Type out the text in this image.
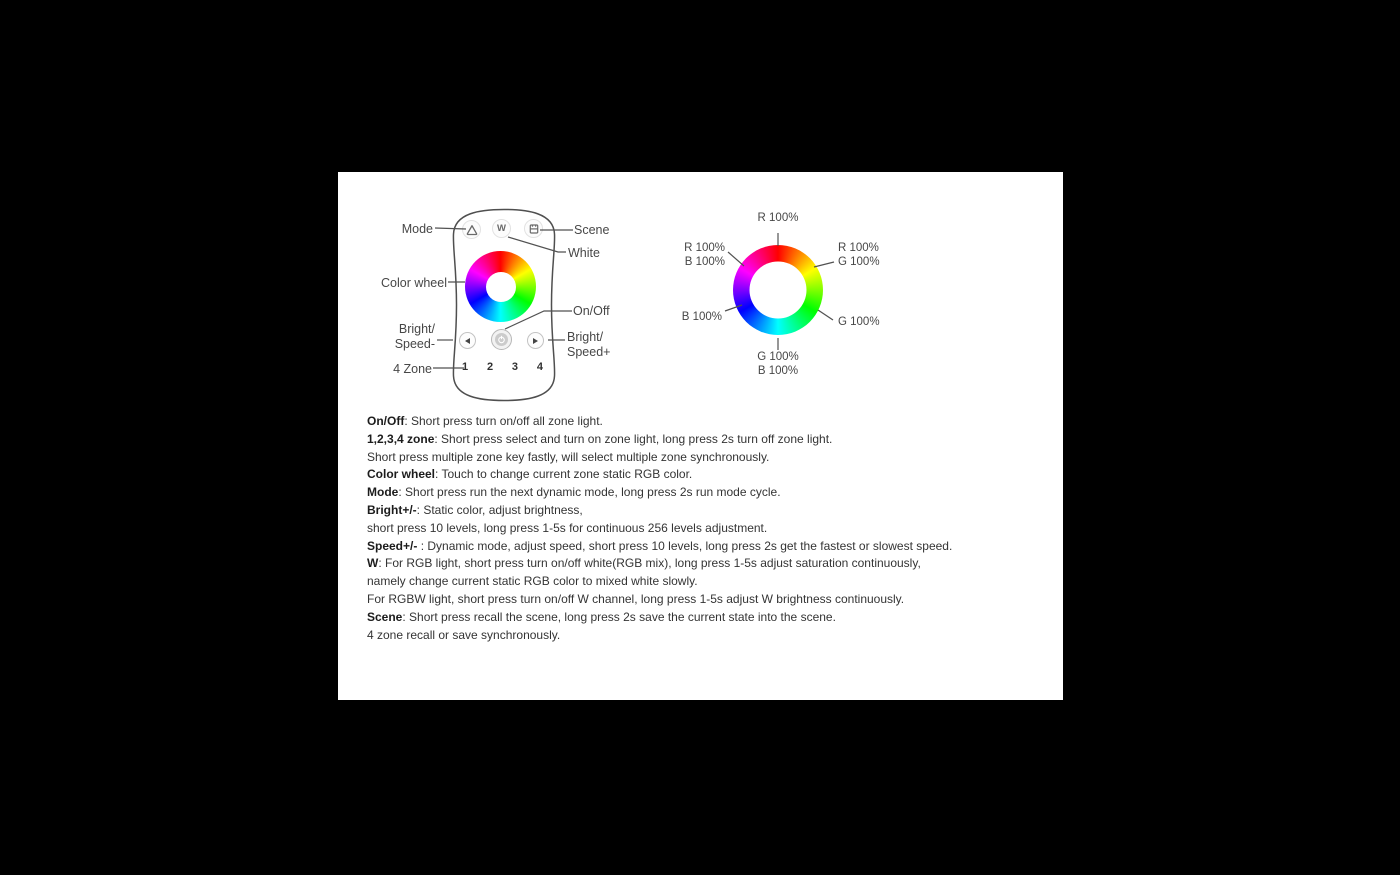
W
1 2 3 4
Mode
Color wheel
Bright/
Speed-
4 Zone
Scene
White
On/Off
Bright/
Speed+
R 100%
R 100%
B 100%
R 100%
G 100%
B 100%	G 100%
G 100%
B 100%
On/Off: Short press turn on/off all zone light.
1,2,3,4 zone: Short press select and turn on zone light, long press 2s turn off zone light.
Short press multiple zone key fastly, will select multiple zone synchronously.
Color wheel: Touch to change current zone static RGB color.
Mode: Short press run the next dynamic mode, long press 2s run mode cycle.
Bright+/-: Static color, adjust brightness,
short press 10 levels, long press 1-5s for continuous 256 levels adjustment.
Speed+/- : Dynamic mode, adjust speed, short press 10 levels, long press 2s get the fastest or slowest speed.
W: For RGB light, short press turn on/off white(RGB mix), long press 1-5s adjust saturation continuously,
namely change current static RGB color to mixed white slowly.
For RGBW light, short press turn on/off W channel, long press 1-5s adjust W brightness continuously.
Scene: Short press recall the scene, long press 2s save the current state into the scene.
4 zone recall or save synchronously.
